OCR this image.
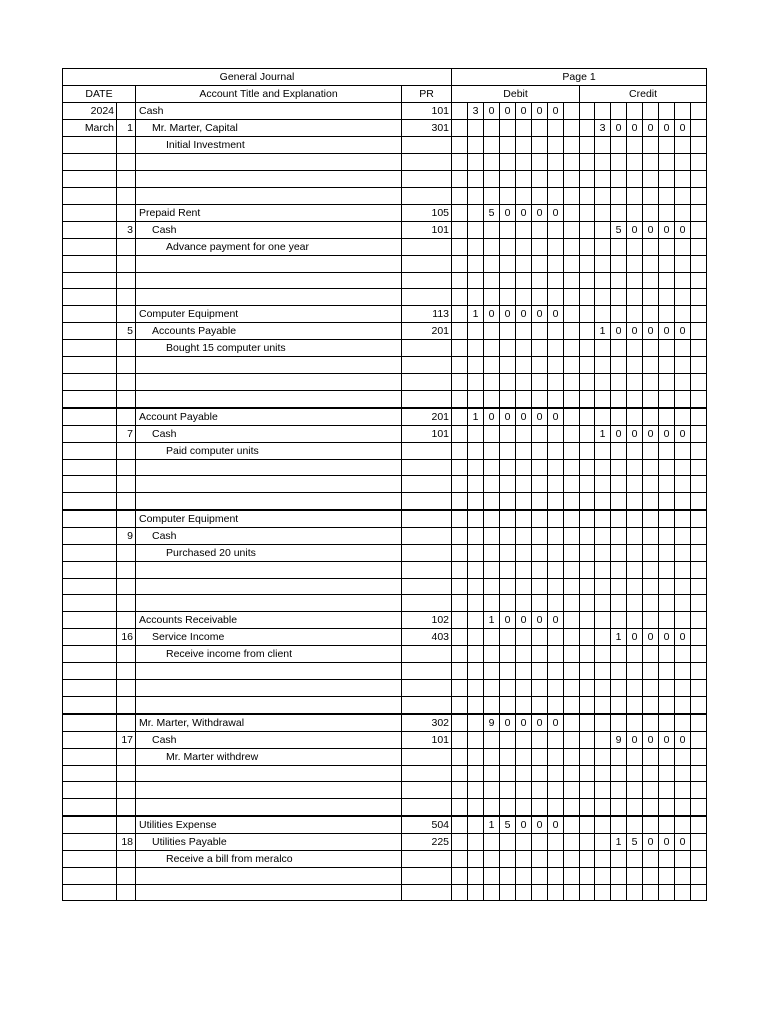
General Journal				Page 1															
DATE		Account Title and Explanation	PR	Debit								Credit							
2024		Cash	101		3	0	0	0	0	0									
March	1	Mr. Marter, Capital	301										3	0	0	0	0	0	
		Initial Investment																	

		Prepaid Rent	105			5	0	0	0	0									
	3	Cash	101											5	0	0	0	0	
		Advance payment for one year																	

		Computer Equipment	113		1	0	0	0	0	0									
	5	Accounts Payable	201										1	0	0	0	0	0	
		Bought 15 computer units																	

		Account Payable	201		1	0	0	0	0	0									
	7	Cash	101										1	0	0	0	0	0	
		Paid computer units																	

		Computer Equipment																	
	9	Cash																	
		Purchased 20 units																	

		Accounts Receivable	102			1	0	0	0	0									
	16	Service Income	403											1	0	0	0	0	
		Receive income from client																	

		Mr. Marter, Withdrawal	302			9	0	0	0	0									
	17	Cash	101											9	0	0	0	0	
		Mr. Marter withdrew																	

		Utilities Expense	504			1	5	0	0	0									
	18	Utilities Payable	225											1	5	0	0	0	
		Receive a bill from meralco																	
